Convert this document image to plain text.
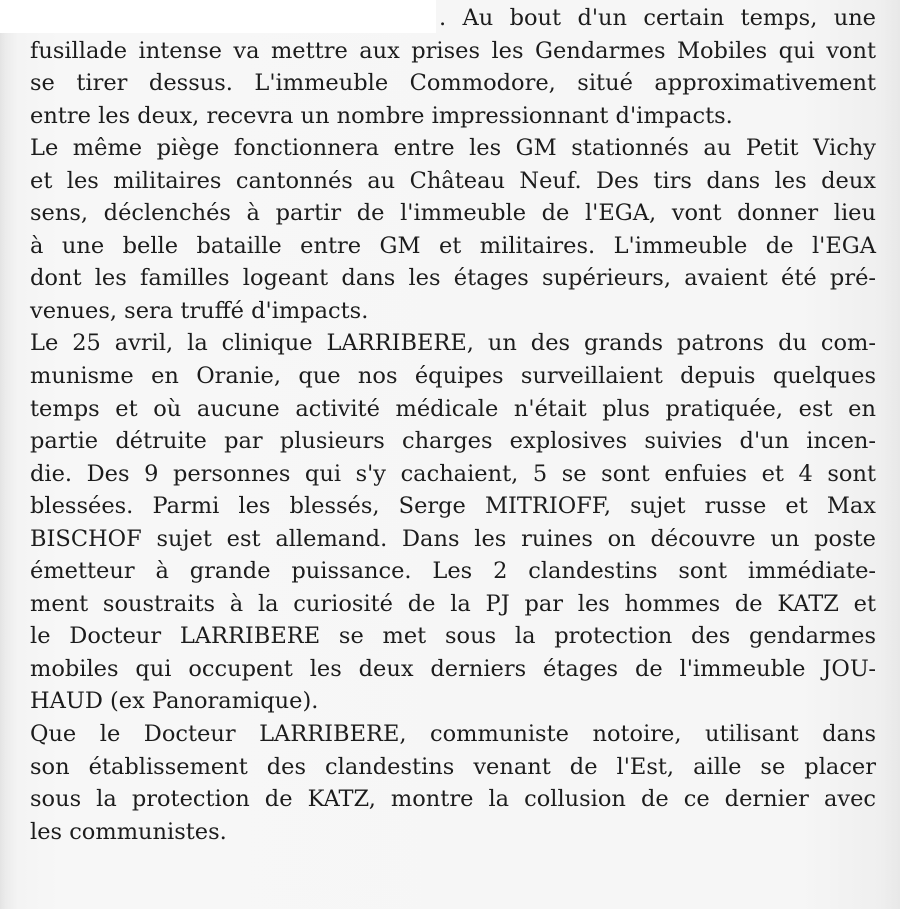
. Au bout d'un certain temps, une
fusillade intense va mettre aux prises les Gendarmes Mobiles qui vont
se tirer dessus. L'immeuble Commodore, situé approximativement
entre les deux, recevra un nombre impressionnant d'impacts.
Le même piège fonctionnera entre les GM stationnés au Petit Vichy
et les militaires cantonnés au Château Neuf. Des tirs dans les deux
sens, déclenchés à partir de l'immeuble de l'EGA, vont donner lieu
à une belle bataille entre GM et militaires. L'immeuble de l'EGA
dont les familles logeant dans les étages supérieurs, avaient été pré-
venues, sera truffé d'impacts.
Le 25 avril, la clinique LARRIBERE, un des grands patrons du com-
munisme en Oranie, que nos équipes surveillaient depuis quelques
temps et où aucune activité médicale n'était plus pratiquée, est en
partie détruite par plusieurs charges explosives suivies d'un incen-
die. Des 9 personnes qui s'y cachaient, 5 se sont enfuies et 4 sont
blessées. Parmi les blessés, Serge MITRIOFF, sujet russe et Max
BISCHOF sujet est allemand. Dans les ruines on découvre un poste
émetteur à grande puissance. Les 2 clandestins sont immédiate-
ment soustraits à la curiosité de la PJ par les hommes de KATZ et
le Docteur LARRIBERE se met sous la protection des gendarmes
mobiles qui occupent les deux derniers étages de l'immeuble JOU-
HAUD (ex Panoramique).
Que le Docteur LARRIBERE, communiste notoire, utilisant dans
son établissement des clandestins venant de l'Est, aille se placer
sous la protection de KATZ, montre la collusion de ce dernier avec
les communistes.
